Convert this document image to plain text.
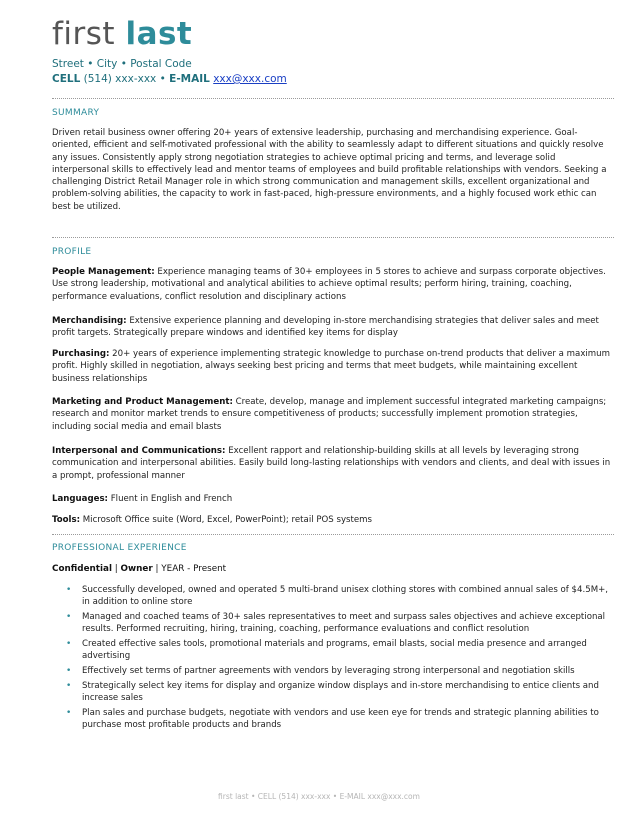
first last
Street • City • Postal Code
CELL (514) xxx-xxx • E-MAIL xxx@xxx.com
SUMMARY
Driven retail business owner offering 20+ years of extensive leadership, purchasing and merchandising experience. Goal-oriented, efficient and self-motivated professional with the ability to seamlessly adapt to different situations and quickly resolve any issues. Consistently apply strong negotiation strategies to achieve optimal pricing and terms, and leverage solid interpersonal skills to effectively lead and mentor teams of employees and build profitable relationships with vendors. Seeking a challenging District Retail Manager role in which strong communication and management skills, excellent organizational and problem-solving abilities, the capacity to work in fast-paced, high-pressure environments, and a highly focused work ethic can best be utilized.
PROFILE
People Management: Experience managing teams of 30+ employees in 5 stores to achieve and surpass corporate objectives. Use strong leadership, motivational and analytical abilities to achieve optimal results; perform hiring, training, coaching, performance evaluations, conflict resolution and disciplinary actions
Merchandising: Extensive experience planning and developing in-store merchandising strategies that deliver sales and meet profit targets. Strategically prepare windows and identified key items for display
Purchasing: 20+ years of experience implementing strategic knowledge to purchase on-trend products that deliver a maximum profit. Highly skilled in negotiation, always seeking best pricing and terms that meet budgets, while maintaining excellent business relationships
Marketing and Product Management: Create, develop, manage and implement successful integrated marketing campaigns; research and monitor market trends to ensure competitiveness of products; successfully implement promotion strategies, including social media and email blasts
Interpersonal and Communications: Excellent rapport and relationship-building skills at all levels by leveraging strong communication and interpersonal abilities. Easily build long-lasting relationships with vendors and clients, and deal with issues in a prompt, professional manner
Languages: Fluent in English and French
Tools: Microsoft Office suite (Word, Excel, PowerPoint); retail POS systems
PROFESSIONAL EXPERIENCE
Confidential | Owner | YEAR - Present
• Successfully developed, owned and operated 5 multi-brand unisex clothing stores with combined annual sales of $4.5M+, in addition to online store
• Managed and coached teams of 30+ sales representatives to meet and surpass sales objectives and achieve exceptional results. Performed recruiting, hiring, training, coaching, performance evaluations and conflict resolution
• Created effective sales tools, promotional materials and programs, email blasts, social media presence and arranged advertising
• Effectively set terms of partner agreements with vendors by leveraging strong interpersonal and negotiation skills
• Strategically select key items for display and organize window displays and in-store merchandising to entice clients and increase sales
• Plan sales and purchase budgets, negotiate with vendors and use keen eye for trends and strategic planning abilities to purchase most profitable products and brands
first last • CELL (514) xxx-xxx • E-MAIL xxx@xxx.com
